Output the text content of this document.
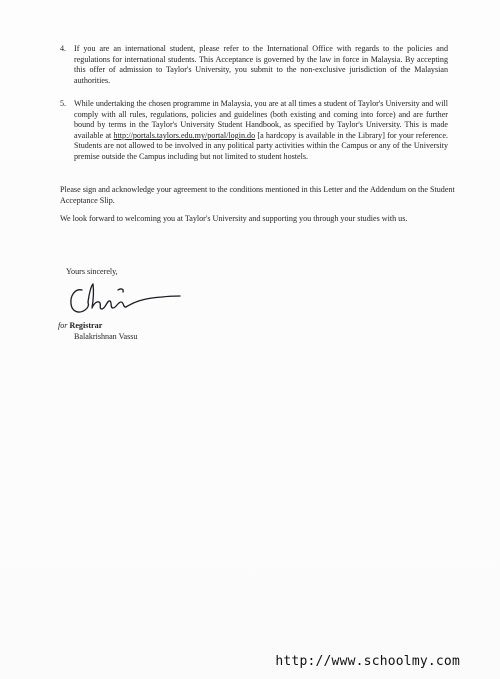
4. If you are an international student, please refer to the International Office with regards to the policies and regulations for international students. This Acceptance is governed by the law in force in Malaysia. By accepting this offer of admission to Taylor's University, you submit to the non-exclusive jurisdiction of the Malaysian authorities.
5. While undertaking the chosen programme in Malaysia, you are at all times a student of Taylor's University and will comply with all rules, regulations, policies and guidelines (both existing and coming into force) and are further bound by terms in the Taylor's University Student Handbook, as specified by Taylor's University. This is made available at http://portals.taylors.edu.my/portal/login.do [a hardcopy is available in the Library] for your reference. Students are not allowed to be involved in any political party activities within the Campus or any of the University premise outside the Campus including but not limited to student hostels.
Please sign and acknowledge your agreement to the conditions mentioned in this Letter and the Addendum on the Student Acceptance Slip.
We look forward to welcoming you at Taylor's University and supporting you through your studies with us.
Yours sincerely,
for Registrar
Balakrishnan Vassu
http://www.schoolmy.com
